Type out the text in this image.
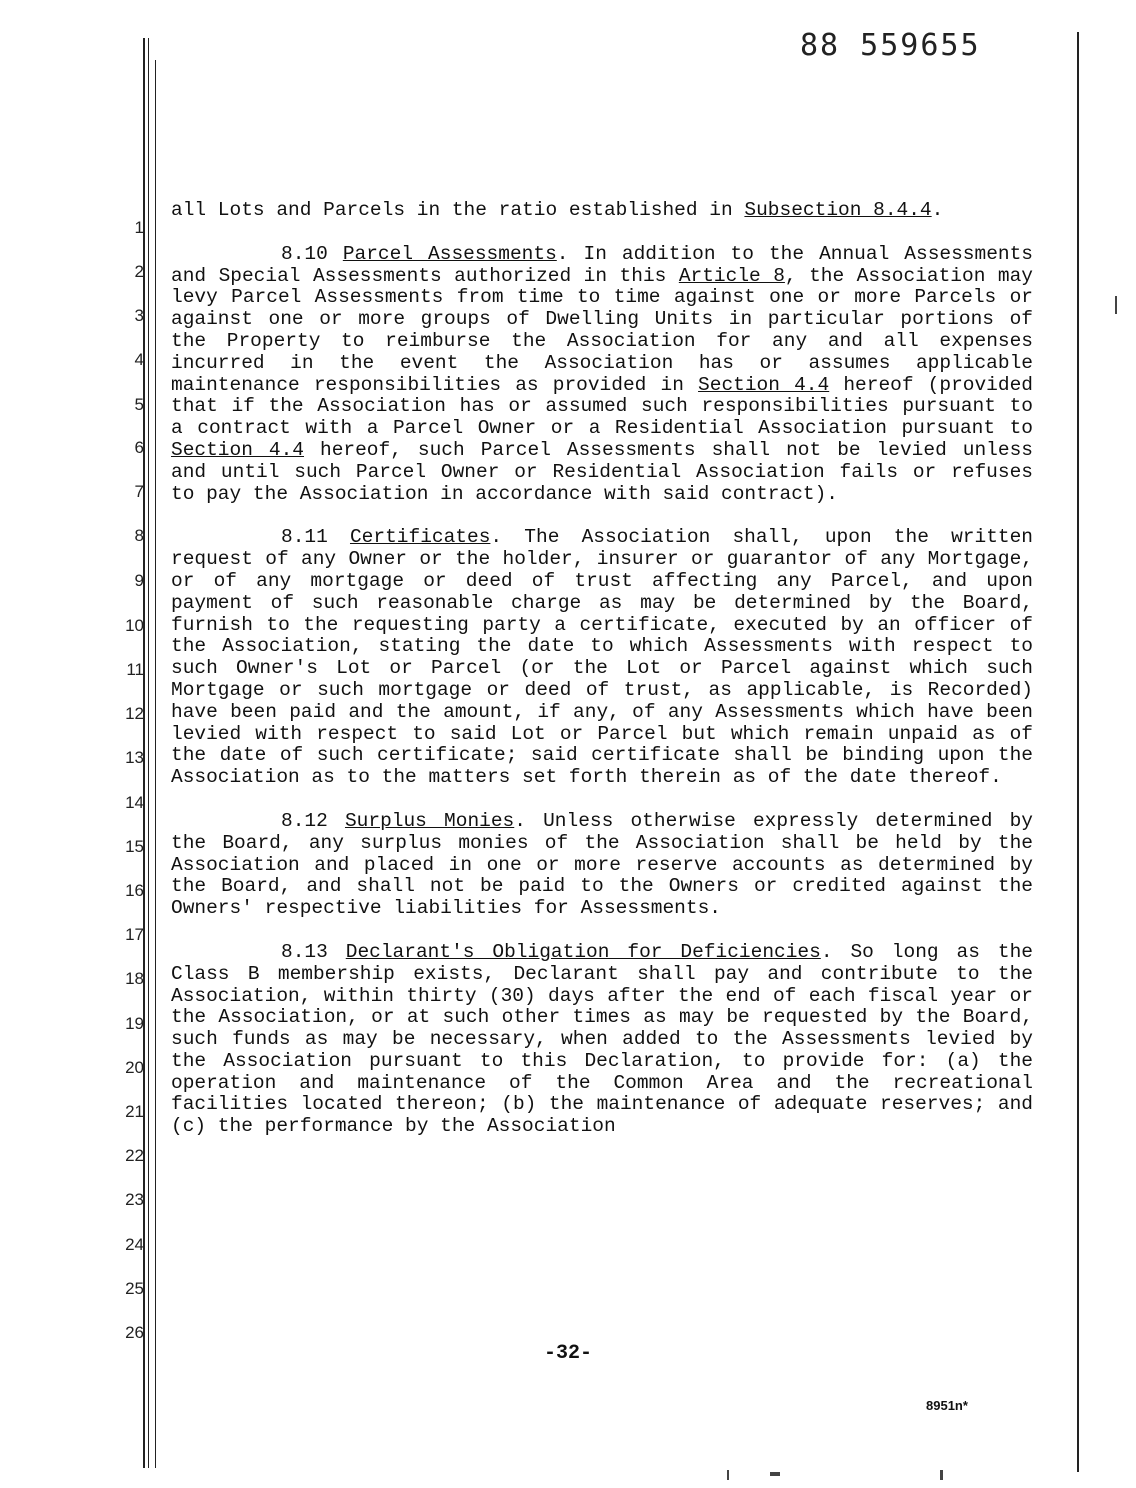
88 559655
1
2
3
4
5
6
7
8
9
10
11
12
13
14
15
16
17
18
19
20
21
22
23
24
25
26

all Lots and Parcels in the ratio established in Subsection 8.4.4.

8.10 Parcel Assessments. In addition to the Annual Assessments and Special Assessments authorized in this Article 8, the Association may levy Parcel Assessments from time to time against one or more Parcels or against one or more groups of Dwelling Units in particular portions of the Property to reimburse the Association for any and all expenses incurred in the event the Association has or assumes applicable maintenance responsibilities as provided in Section 4.4 hereof (provided that if the Association has or assumed such responsibilities pursuant to a contract with a Parcel Owner or a Residential Association pursuant to Section 4.4 hereof, such Parcel Assessments shall not be levied unless and until such Parcel Owner or Residential Association fails or refuses to pay the Association in accordance with said contract).

8.11 Certificates. The Association shall, upon the written request of any Owner or the holder, insurer or guarantor of any Mortgage, or of any mortgage or deed of trust affecting any Parcel, and upon payment of such reasonable charge as may be determined by the Board, furnish to the requesting party a certificate, executed by an officer of the Association, stating the date to which Assessments with respect to such Owner's Lot or Parcel (or the Lot or Parcel against which such Mortgage or such mortgage or deed of trust, as applicable, is Recorded) have been paid and the amount, if any, of any Assessments which have been levied with respect to said Lot or Parcel but which remain unpaid as of the date of such certificate; said certificate shall be binding upon the Association as to the matters set forth therein as of the date thereof.

8.12 Surplus Monies. Unless otherwise expressly determined by the Board, any surplus monies of the Association shall be held by the Association and placed in one or more reserve accounts as determined by the Board, and shall not be paid to the Owners or credited against the Owners' respective liabilities for Assessments.

8.13 Declarant's Obligation for Deficiencies. So long as the Class B membership exists, Declarant shall pay and contribute to the Association, within thirty (30) days after the end of each fiscal year or the Association, or at such other times as may be requested by the Board, such funds as may be necessary, when added to the Assessments levied by the Association pursuant to this Declaration, to provide for: (a) the operation and maintenance of the Common Area and the recreational facilities located thereon; (b) the maintenance of adequate reserves; and (c) the performance by the Association

-32-
8951n*
